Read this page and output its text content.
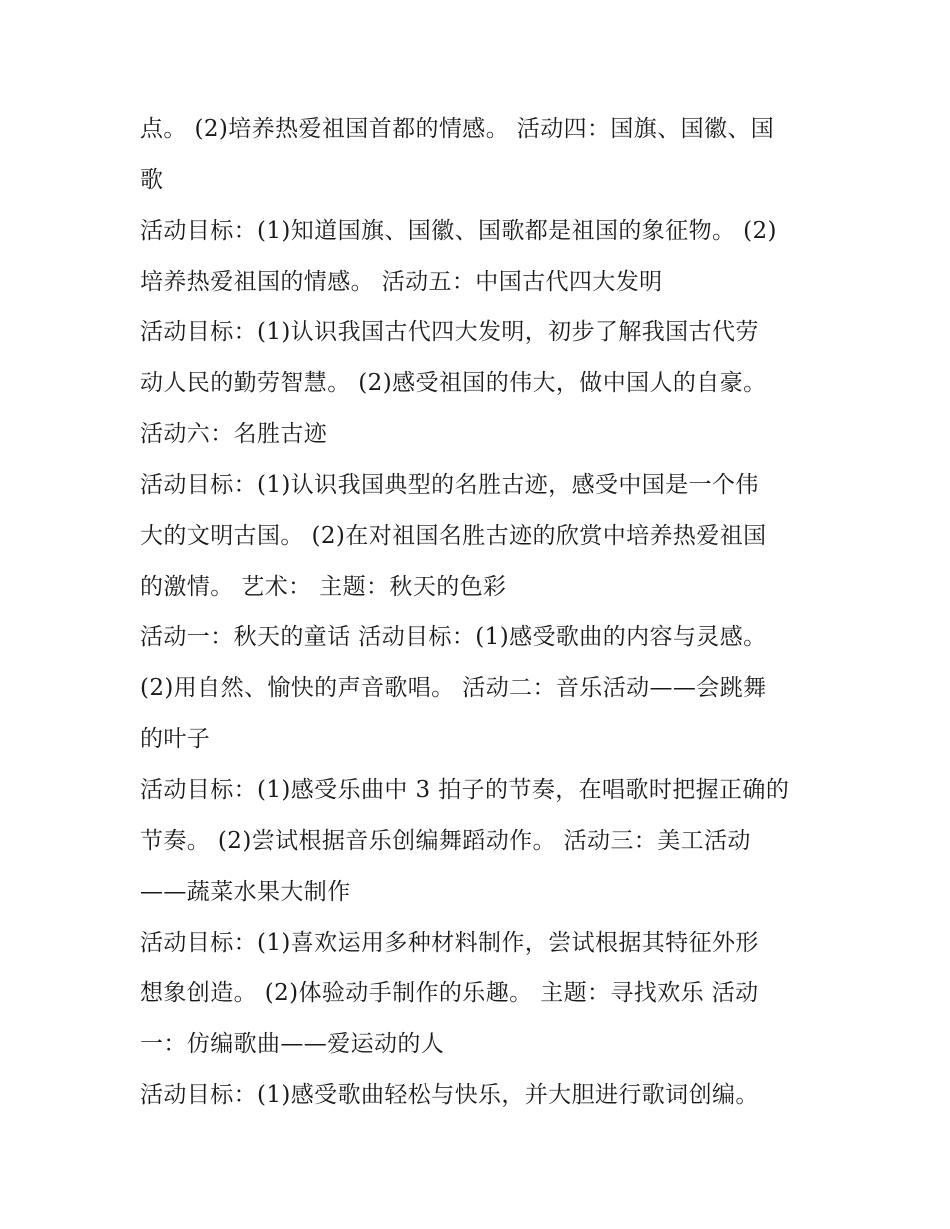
点。 (2)培养热爱祖国首都的情感。 活动四：国旗、国徽、国
歌
活动目标：(1)知道国旗、国徽、国歌都是祖国的象征物。 (2)
培养热爱祖国的情感。 活动五：中国古代四大发明
活动目标：(1)认识我国古代四大发明，初步了解我国古代劳
动人民的勤劳智慧。 (2)感受祖国的伟大，做中国人的自豪。
活动六：名胜古迹
活动目标：(1)认识我国典型的名胜古迹，感受中国是一个伟
大的文明古国。 (2)在对祖国名胜古迹的欣赏中培养热爱祖国
的激情。 艺术： 主题：秋天的色彩
活动一：秋天的童话 活动目标：(1)感受歌曲的内容与灵感。
(2)用自然、愉快的声音歌唱。 活动二：音乐活动——会跳舞
的叶子
活动目标：(1)感受乐曲中 3 拍子的节奏，在唱歌时把握正确的
节奏。 (2)尝试根据音乐创编舞蹈动作。 活动三：美工活动
——蔬菜水果大制作
活动目标：(1)喜欢运用多种材料制作，尝试根据其特征外形
想象创造。 (2)体验动手制作的乐趣。 主题：寻找欢乐 活动
一：仿编歌曲——爱运动的人
活动目标：(1)感受歌曲轻松与快乐，并大胆进行歌词创编。
